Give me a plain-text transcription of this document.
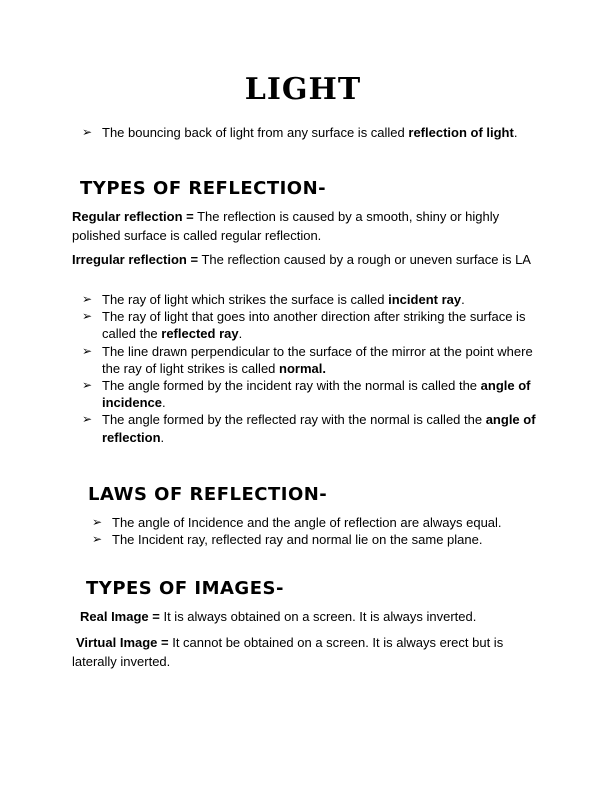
LIGHT
➢ The bouncing back of light from any surface is called reflection of light.
TYPES OF REFLECTION-
Regular reflection = The reflection is caused by a smooth, shiny or highly polished surface is called regular reflection.
Irregular reflection = The reflection caused by a rough or uneven surface is LA
➢ The ray of light which strikes the surface is called incident ray.
➢ The ray of light that goes into another direction after striking the surface is called the reflected ray.
➢ The line drawn perpendicular to the surface of the mirror at the point where the ray of light strikes is called normal.
➢ The angle formed by the incident ray with the normal is called the angle of incidence.
➢ The angle formed by the reflected ray with the normal is called the angle of reflection.
LAWS OF REFLECTION-
➢ The angle of Incidence and the angle of reflection are always equal.
➢ The Incident ray, reflected ray and normal lie on the same plane.
TYPES OF IMAGES-
Real Image = It is always obtained on a screen. It is always inverted.
Virtual Image = It cannot be obtained on a screen. It is always erect but is laterally inverted.
